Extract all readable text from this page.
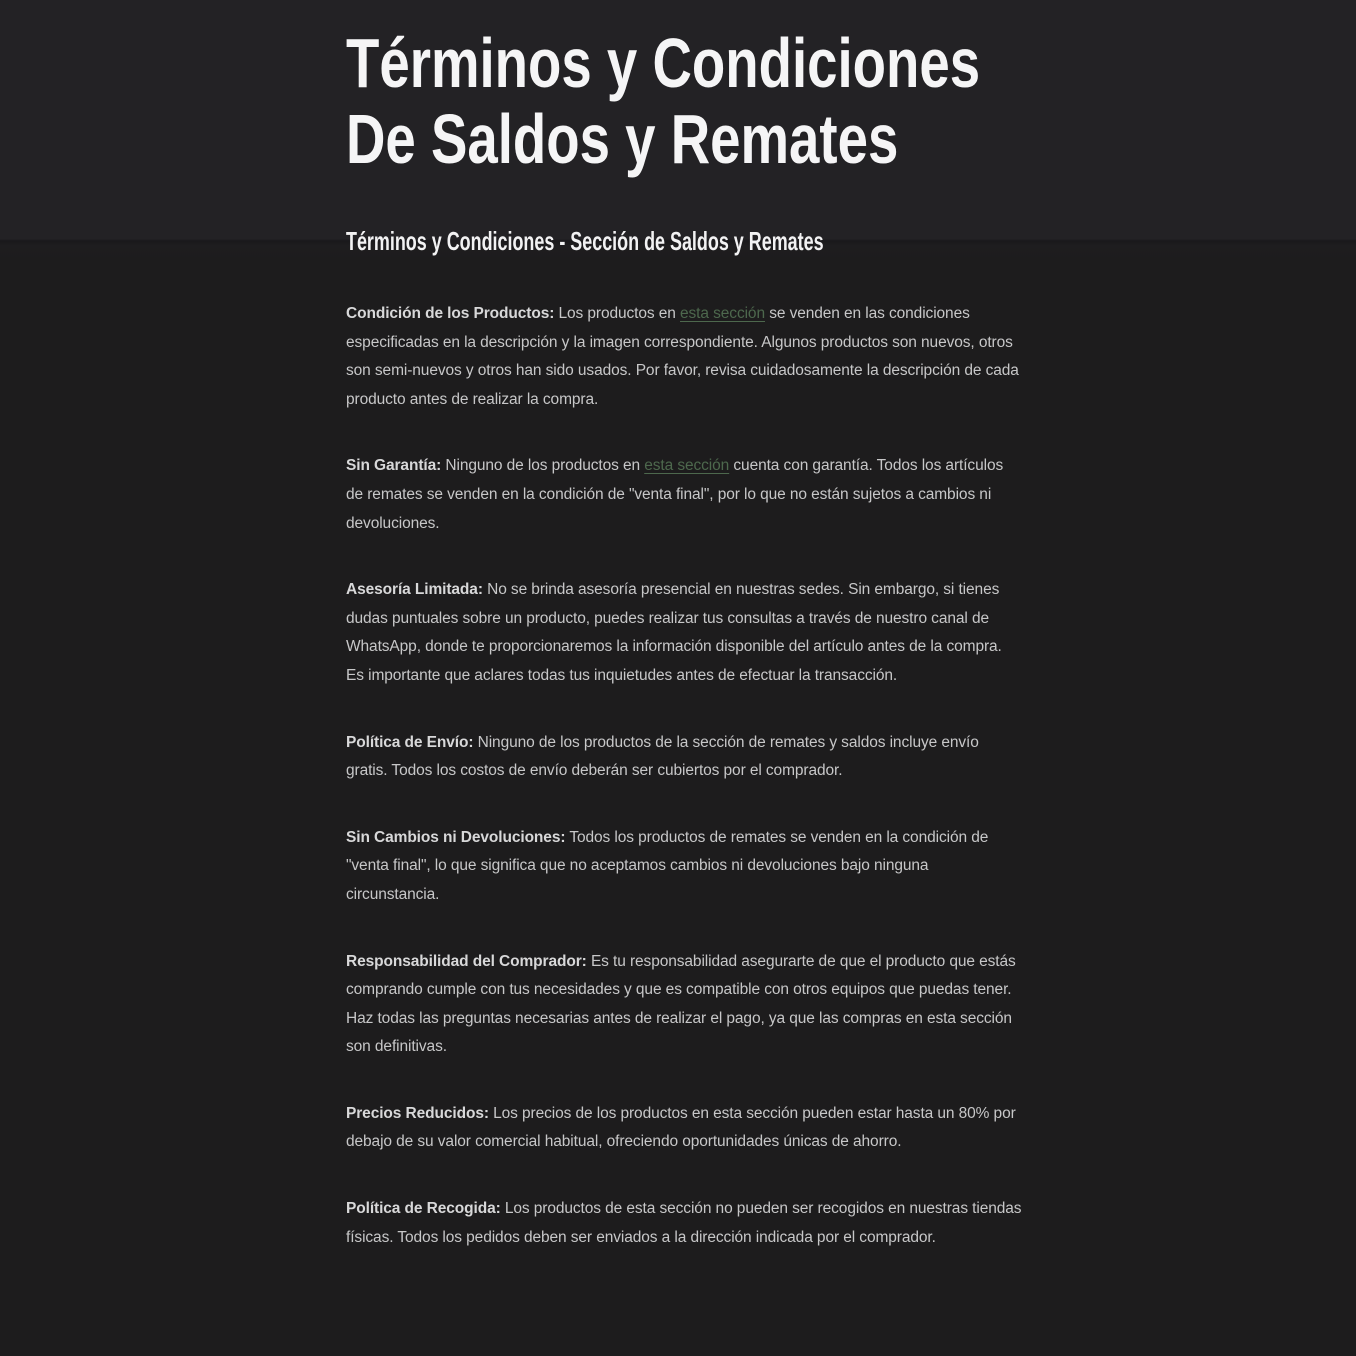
Términos y Condiciones
De Saldos y Remates
Términos y Condiciones - Sección de Saldos y Remates

Condición de los Productos: Los productos en esta sección se venden en las condiciones especificadas en la descripción y la imagen correspondiente. Algunos productos son nuevos, otros son semi-nuevos y otros han sido usados. Por favor, revisa cuidadosamente la descripción de cada producto antes de realizar la compra.

Sin Garantía: Ninguno de los productos en esta sección cuenta con garantía. Todos los artículos de remates se venden en la condición de "venta final", por lo que no están sujetos a cambios ni devoluciones.

Asesoría Limitada: No se brinda asesoría presencial en nuestras sedes. Sin embargo, si tienes dudas puntuales sobre un producto, puedes realizar tus consultas a través de nuestro canal de WhatsApp, donde te proporcionaremos la información disponible del artículo antes de la compra. Es importante que aclares todas tus inquietudes antes de efectuar la transacción.

Política de Envío: Ninguno de los productos de la sección de remates y saldos incluye envío gratis. Todos los costos de envío deberán ser cubiertos por el comprador.

Sin Cambios ni Devoluciones: Todos los productos de remates se venden en la condición de "venta final", lo que significa que no aceptamos cambios ni devoluciones bajo ninguna circunstancia.

Responsabilidad del Comprador: Es tu responsabilidad asegurarte de que el producto que estás comprando cumple con tus necesidades y que es compatible con otros equipos que puedas tener. Haz todas las preguntas necesarias antes de realizar el pago, ya que las compras en esta sección son definitivas.

Precios Reducidos: Los precios de los productos en esta sección pueden estar hasta un 80% por debajo de su valor comercial habitual, ofreciendo oportunidades únicas de ahorro.

Política de Recogida: Los productos de esta sección no pueden ser recogidos en nuestras tiendas físicas. Todos los pedidos deben ser enviados a la dirección indicada por el comprador.
